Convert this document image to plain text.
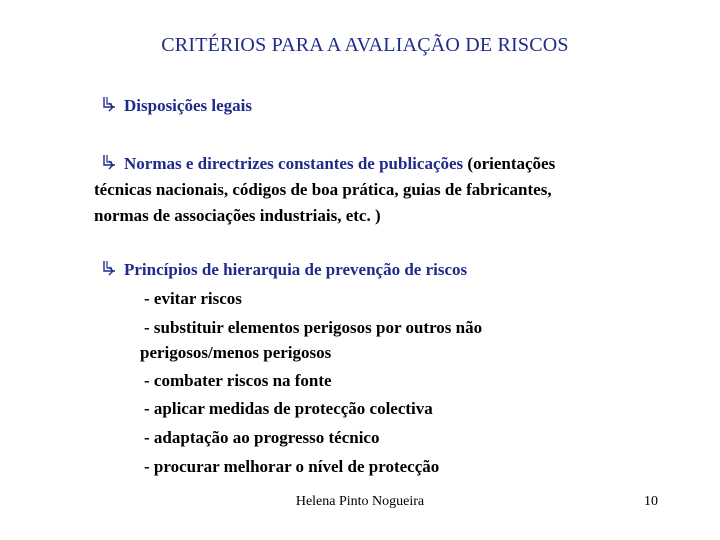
CRITÉRIOS PARA A AVALIAÇÃO DE RISCOS
Disposições legais
Normas e directrizes constantes de publicações (orientações
técnicas nacionais, códigos de boa prática, guias de fabricantes,
normas de associações industriais, etc. )
Princípios de hierarquia de prevenção de riscos
- evitar riscos
- substituir elementos perigosos por outros não
perigosos/menos perigosos
- combater riscos na fonte
- aplicar medidas de protecção colectiva
- adaptação ao progresso técnico
- procurar melhorar o nível de protecção
Helena Pinto Nogueira	10
